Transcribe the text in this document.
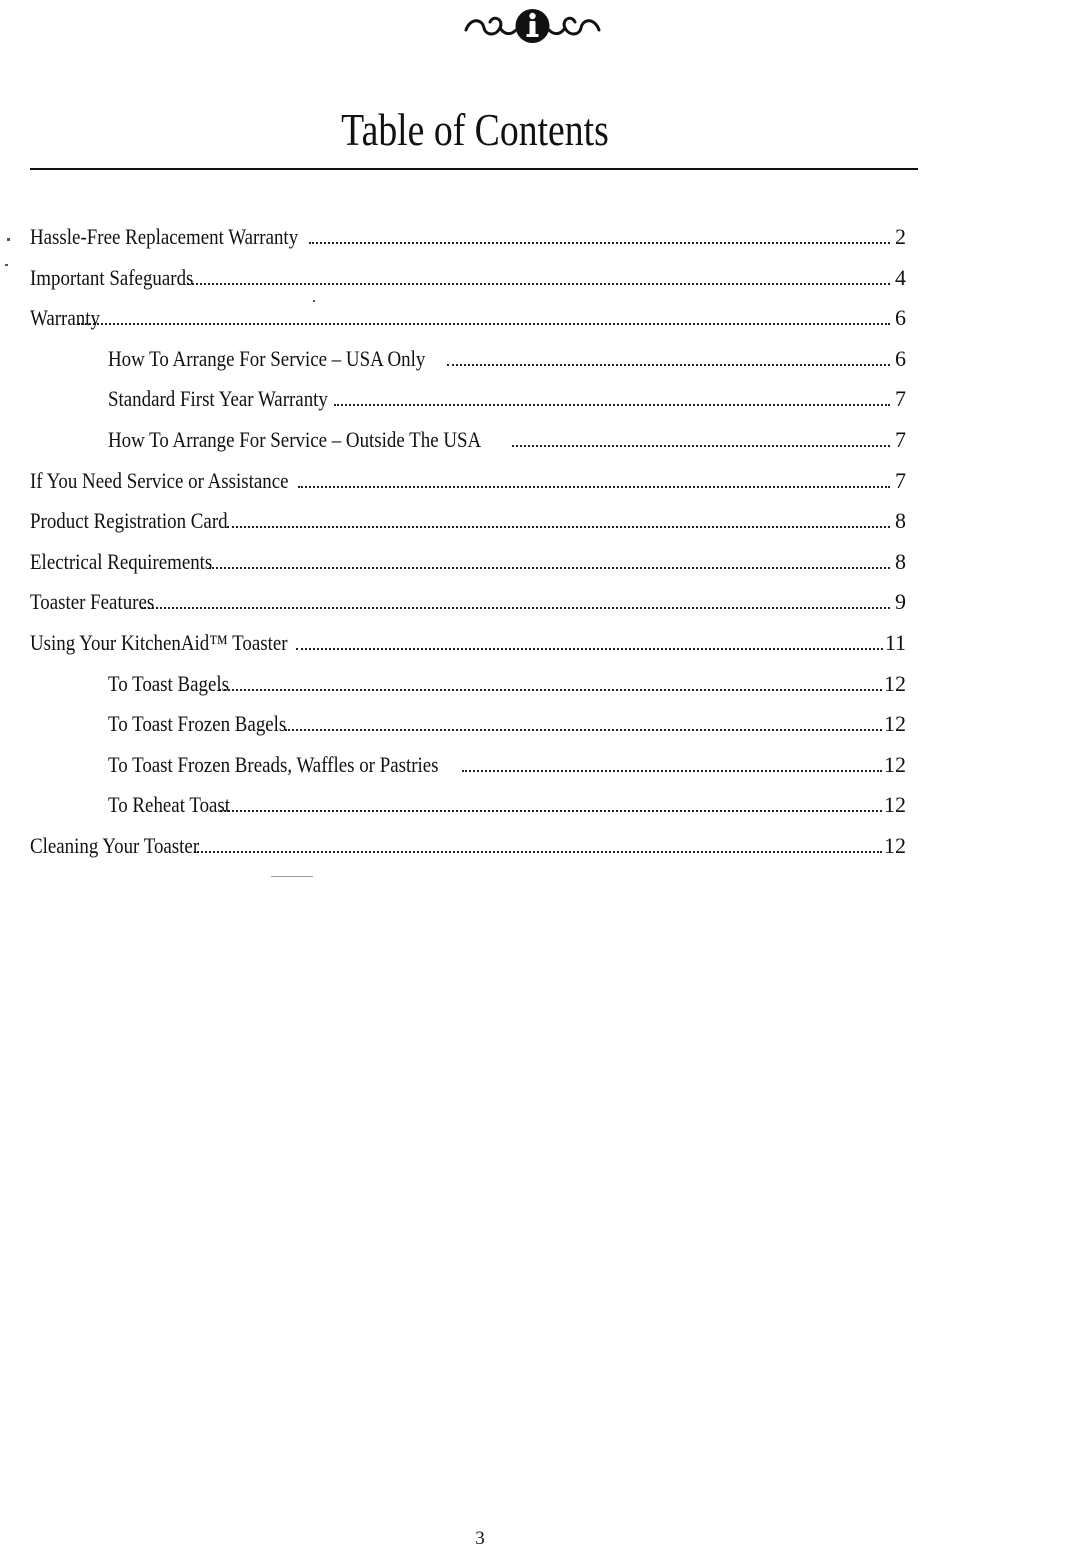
Table of Contents
Hassle-Free Replacement Warranty	2
Important Safeguards	4
Warranty	6
How To Arrange For Service – USA Only	6
Standard First Year Warranty	7
How To Arrange For Service – Outside The USA	7
If You Need Service or Assistance	7
Product Registration Card	8
Electrical Requirements	8
Toaster Features	9
Using Your KitchenAid™ Toaster	11
To Toast Bagels	12
To Toast Frozen Bagels	12
To Toast Frozen Breads, Waffles or Pastries	12
To Reheat Toast	12
Cleaning Your Toaster	12
3
